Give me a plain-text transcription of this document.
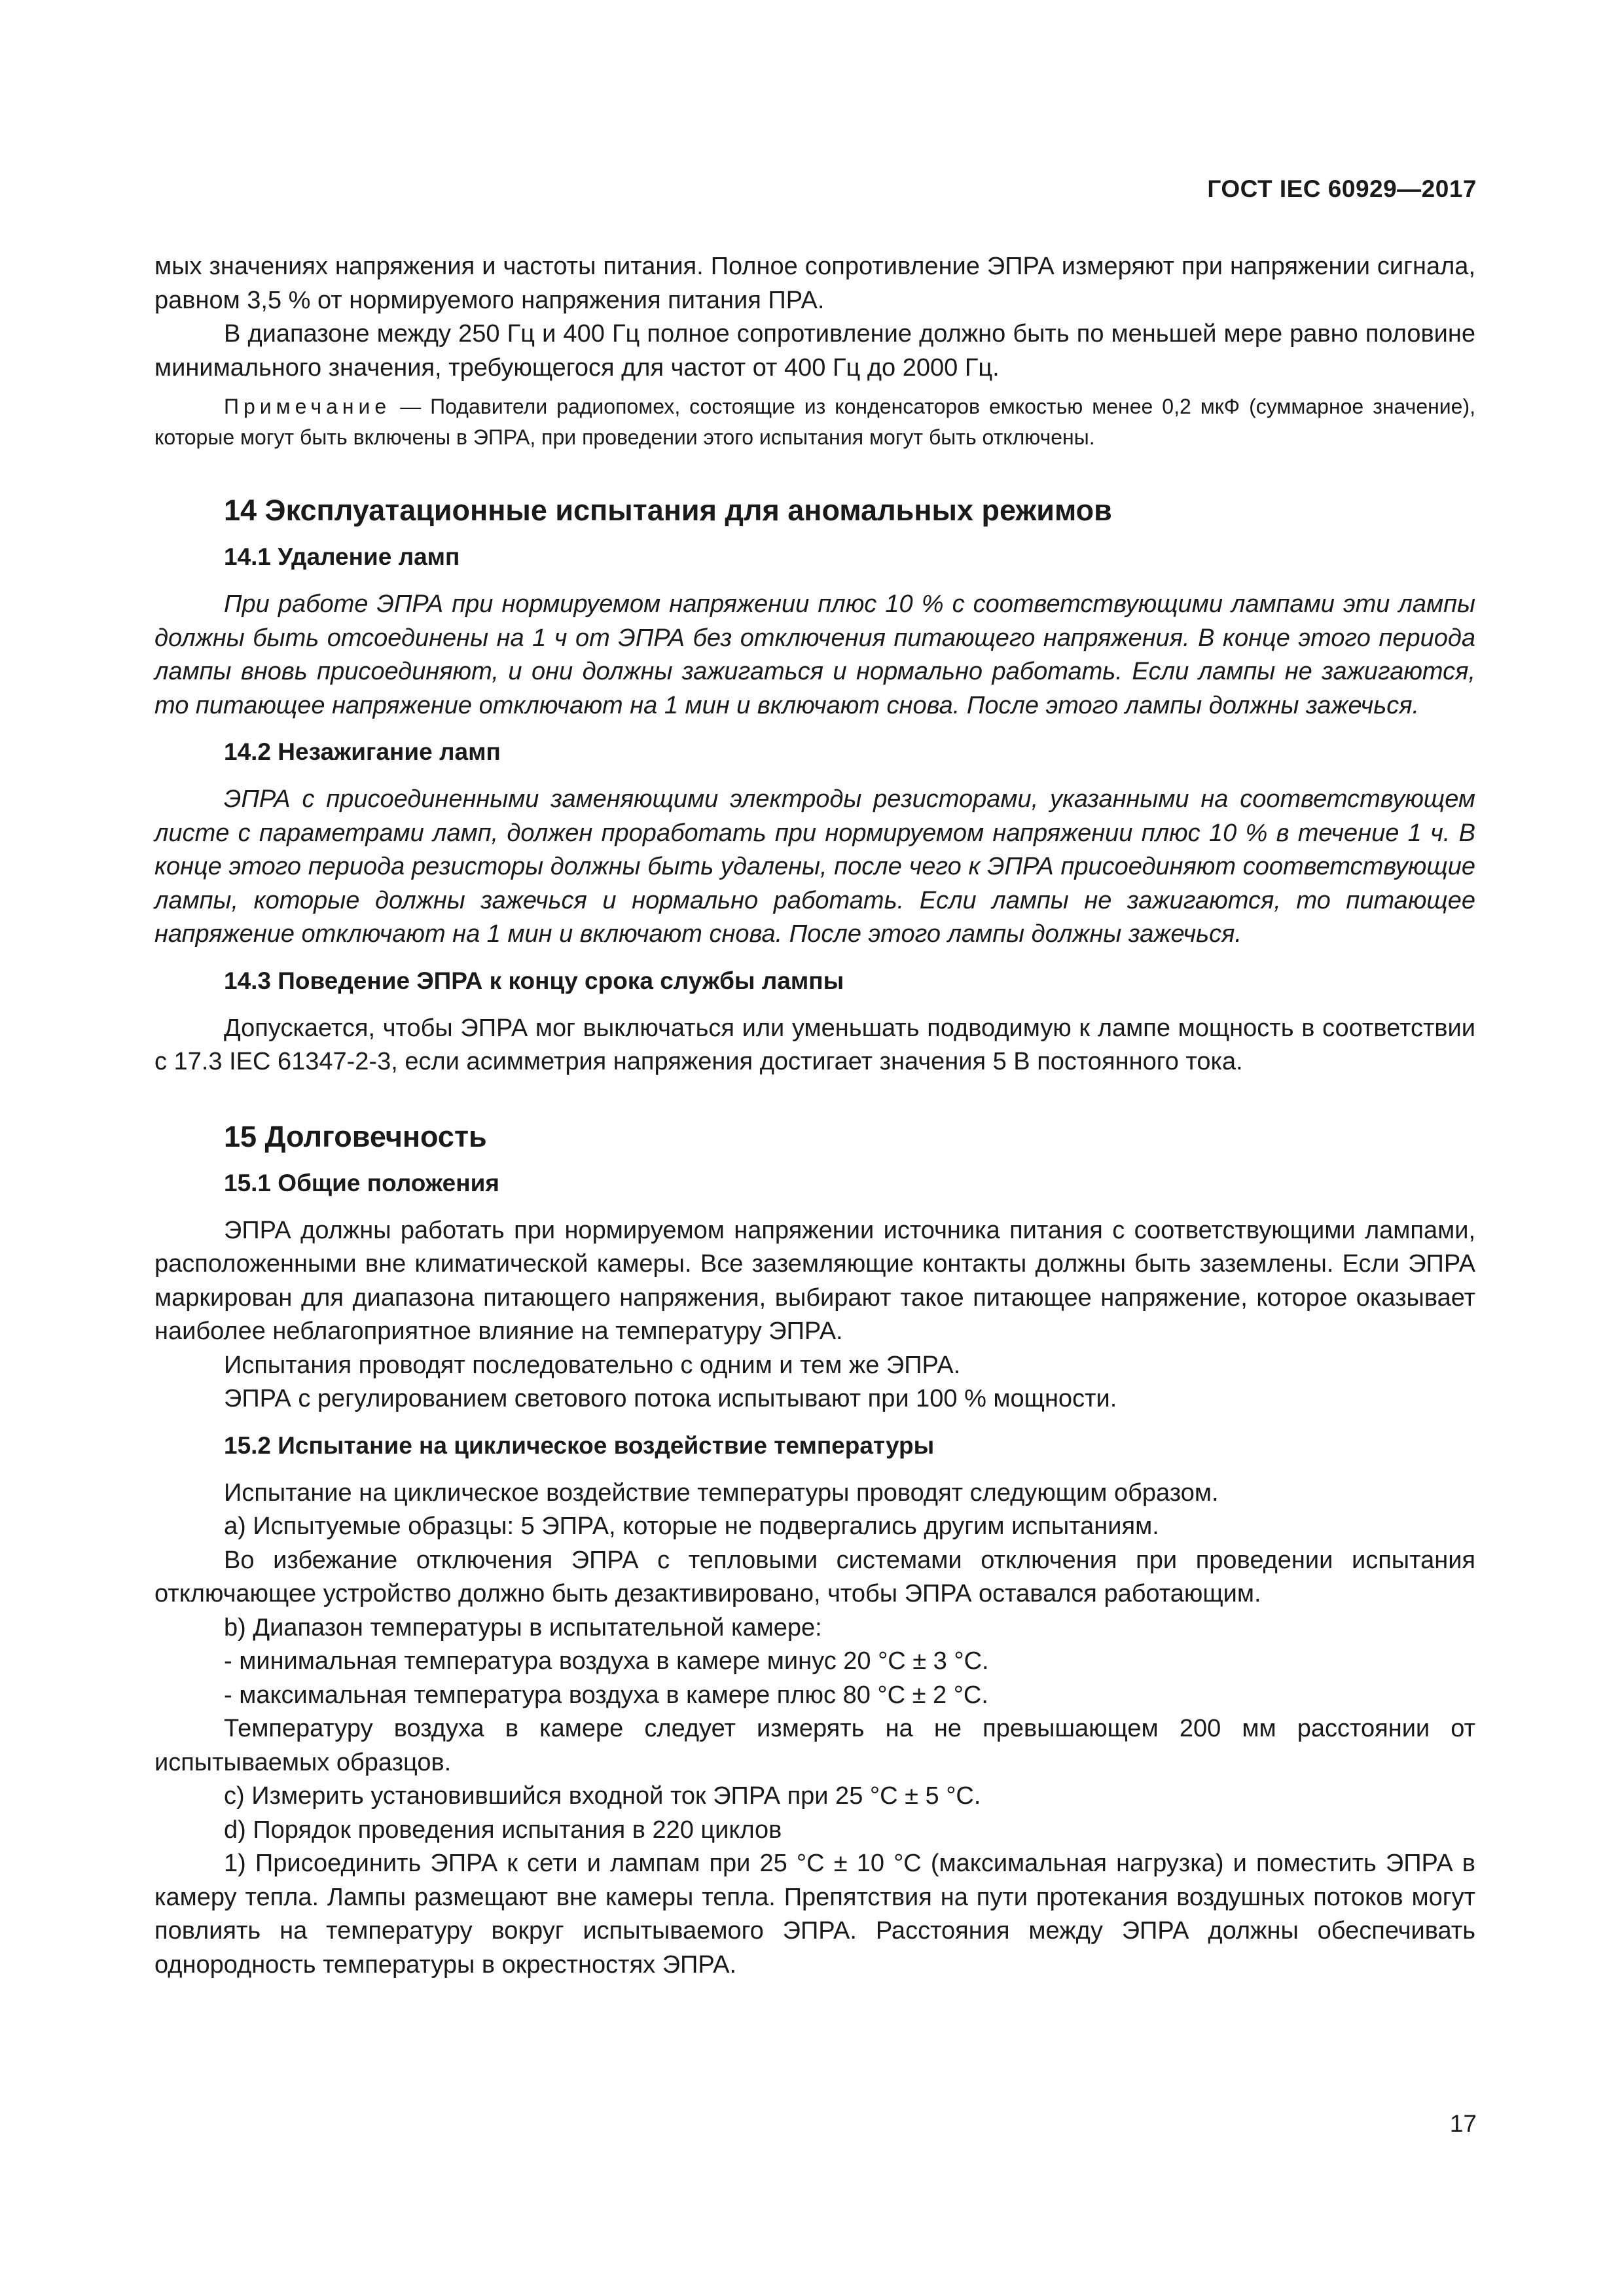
ГОСТ IEC 60929—2017

мых значениях напряжения и частоты питания. Полное сопротивление ЭПРА измеряют при напряжении сигнала, равном 3,5 % от нормируемого напряжения питания ПРА.

В диапазоне между 250 Гц и 400 Гц полное сопротивление должно быть по меньшей мере равно половине минимального значения, требующегося для частот от 400 Гц до 2000 Гц.

Примечание — Подавители радиопомех, состоящие из конденсаторов емкостью менее 0,2 мкФ (суммарное значение), которые могут быть включены в ЭПРА, при проведении этого испытания могут быть отключены.

14 Эксплуатационные испытания для аномальных режимов
14.1 Удаление ламп

При работе ЭПРА при нормируемом напряжении плюс 10 % с соответствующими лампами эти лампы должны быть отсоединены на 1 ч от ЭПРА без отключения питающего напряжения. В конце этого периода лампы вновь присоединяют, и они должны зажигаться и нормально работать. Если лампы не зажигаются, то питающее напряжение отключают на 1 мин и включают снова. После этого лампы должны зажечься.

14.2 Незажигание ламп

ЭПРА с присоединенными заменяющими электроды резисторами, указанными на соответствующем листе с параметрами ламп, должен проработать при нормируемом напряжении плюс 10 % в течение 1 ч. В конце этого периода резисторы должны быть удалены, после чего к ЭПРА присоединяют соответствующие лампы, которые должны зажечься и нормально работать. Если лампы не зажигаются, то питающее напряжение отключают на 1 мин и включают снова. После этого лампы должны зажечься.

14.3 Поведение ЭПРА к концу срока службы лампы

Допускается, чтобы ЭПРА мог выключаться или уменьшать подводимую к лампе мощность в соответствии с 17.3 IEC 61347-2-3, если асимметрия напряжения достигает значения 5 В постоянного тока.

15 Долговечность
15.1 Общие положения

ЭПРА должны работать при нормируемом напряжении источника питания с соответствующими лампами, расположенными вне климатической камеры. Все заземляющие контакты должны быть заземлены. Если ЭПРА маркирован для диапазона питающего напряжения, выбирают такое питающее напряжение, которое оказывает наиболее неблагоприятное влияние на температуру ЭПРА.

Испытания проводят последовательно с одним и тем же ЭПРА.

ЭПРА с регулированием светового потока испытывают при 100 % мощности.

15.2 Испытание на циклическое воздействие температуры

Испытание на циклическое воздействие температуры проводят следующим образом.

a) Испытуемые образцы: 5 ЭПРА, которые не подвергались другим испытаниям.

Во избежание отключения ЭПРА с тепловыми системами отключения при проведении испытания отключающее устройство должно быть дезактивировано, чтобы ЭПРА оставался работающим.

b) Диапазон температуры в испытательной камере:

- минимальная температура воздуха в камере минус 20 °С ± 3 °С.

- максимальная температура воздуха в камере плюс 80 °С ± 2 °С.

Температуру воздуха в камере следует измерять на не превышающем 200 мм расстоянии от испытываемых образцов.

c) Измерить установившийся входной ток ЭПРА при 25 °С ± 5 °С.

d) Порядок проведения испытания в 220 циклов

1) Присоединить ЭПРА к сети и лампам при 25 °С ± 10 °С (максимальная нагрузка) и поместить ЭПРА в камеру тепла. Лампы размещают вне камеры тепла. Препятствия на пути протекания воздушных потоков могут повлиять на температуру вокруг испытываемого ЭПРА. Расстояния между ЭПРА должны обеспечивать однородность температуры в окрестностях ЭПРА.

17
